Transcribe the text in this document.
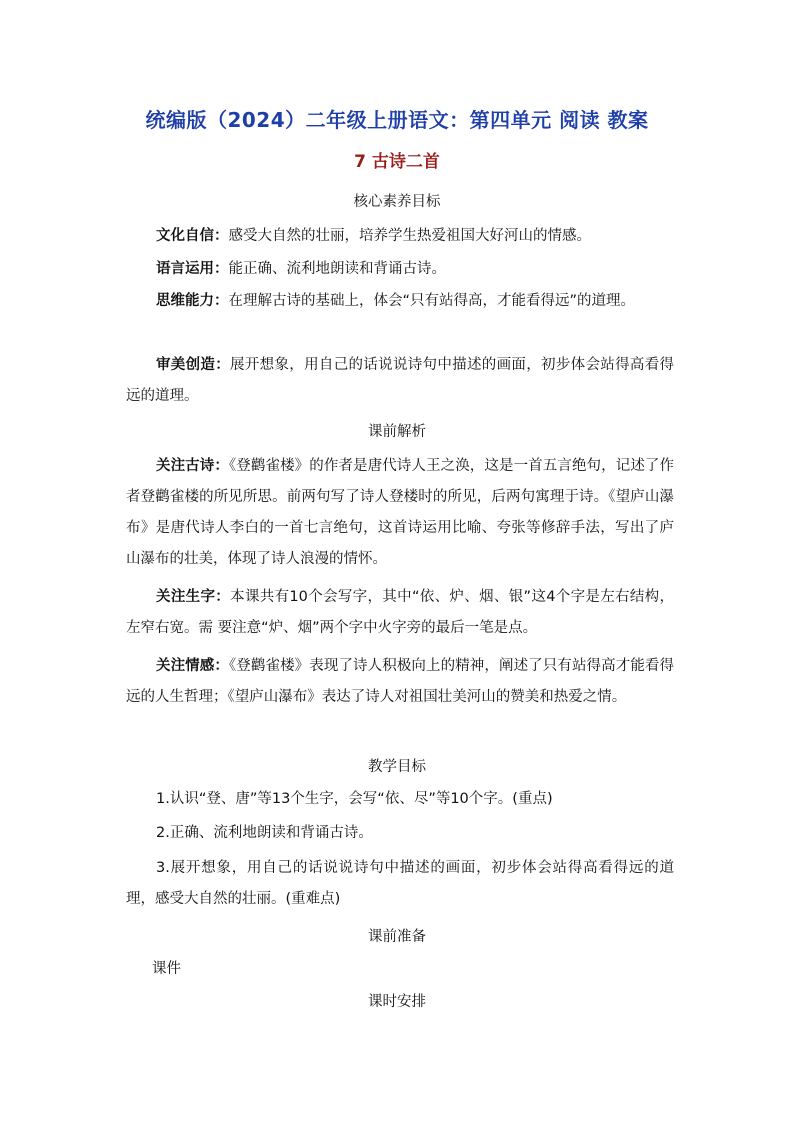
统编版（2024）二年级上册语文：第四单元 阅读 教案
7 古诗二首
核心素养目标

文化自信：感受大自然的壮丽，培养学生热爱祖国大好河山的情感。

语言运用：能正确、流利地朗读和背诵古诗。

思维能力：在理解古诗的基础上，体会“只有站得高，才能看得远”的道理。

审美创造：展开想象，用自己的话说说诗句中描述的画面，初步体会站得高看得远的道理。

课前解析

关注古诗：《登鹳雀楼》的作者是唐代诗人王之涣，这是一首五言绝句，记述了作者登鹳雀楼的所见所思。前两句写了诗人登楼时的所见，后两句寓理于诗。《望庐山瀑布》是唐代诗人李白的一首七言绝句，这首诗运用比喻、夸张等修辞手法，写出了庐山瀑布的壮美，体现了诗人浪漫的情怀。

关注生字：本课共有10个会写字，其中“依、炉、烟、银”这4个字是左右结构，左窄右宽。需 要注意“炉、烟”两个字中火字旁的最后一笔是点。

关注情感：《登鹳雀楼》表现了诗人积极向上的精神，阐述了只有站得高才能看得远的人生哲理；《望庐山瀑布》表达了诗人对祖国壮美河山的赞美和热爱之情。

教学目标

1.认识“登、唐”等13个生字，会写“依、尽”等10个字。(重点)

2.正确、流利地朗读和背诵古诗。

3.展开想象，用自己的话说说诗句中描述的画面，初步体会站得高看得远的道理，感受大自然的壮丽。(重难点)

课前准备
课件
课时安排
